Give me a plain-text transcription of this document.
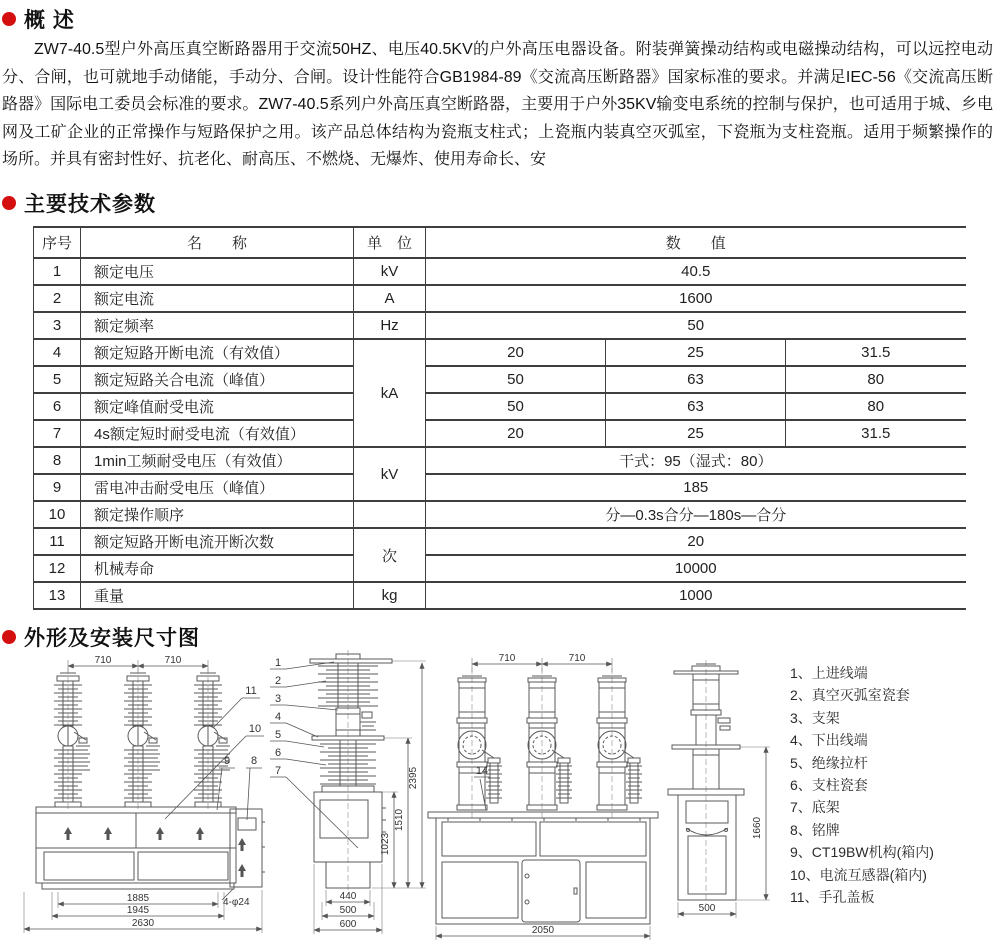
概 述

ZW7-40.5型户外高压真空断路器用于交流50HZ、电压40.5KV的户外高压电器设备。附装弹簧操动结构或电磁操动结构，可以远控电动分、合闸，也可就地手动储能，手动分、合闸。设计性能符合GB1984-89《交流高压断路器》国家标准的要求。并满足IEC-56《交流高压断路器》国际电工委员会标准的要求。ZW7-40.5系列户外高压真空断路器，主要用于户外35KV输变电系统的控制与保护，也可适用于城、乡电网及工矿企业的正常操作与短路保护之用。该产品总体结构为瓷瓶支柱式；上瓷瓶内装真空灭弧室，下瓷瓶为支柱瓷瓶。适用于频繁操作的场所。并具有密封性好、抗老化、耐高压、不燃烧、无爆炸、使用寿命长、安

主要技术参数
序号	名　　称	单　位	数　　值		
1	额定电压	kV	40.5		
2	额定电流	A	1600		
3	额定频率	Hz	50		
4	额定短路开断电流（有效值）	kA	20	25	31.5
5	额定短路关合电流（峰值）		50	63	80
6	额定峰值耐受电流		50	63	80
7	4s额定短时耐受电流（有效值）		20	25	31.5
8	1min工频耐受电压（有效值）	kV	干式：95（湿式：80）		
9	雷电冲击耐受电压（峰值）		185		
10	额定操作顺序		分—0.3s合分—180s—合分		
11	额定短路开断电流开断次数	次	20		
12	机械寿命		10000		
13	重量	kg	1000		
外形及安装尺寸图
710	710
11
10
9 8
1885
1945
2630
4-φ24
1
2
3
4
5
6
7	2395
1510
1023
440
500
600
710	710
14
2050
1660
500
1、上进线端
2、真空灭弧室瓷套
3、支架
4、下出线端
5、绝缘拉杆
6、支柱瓷套
7、底架
8、铭牌
9、CT19BW机构(箱内)
10、电流互感器(箱内)
11、手孔盖板
